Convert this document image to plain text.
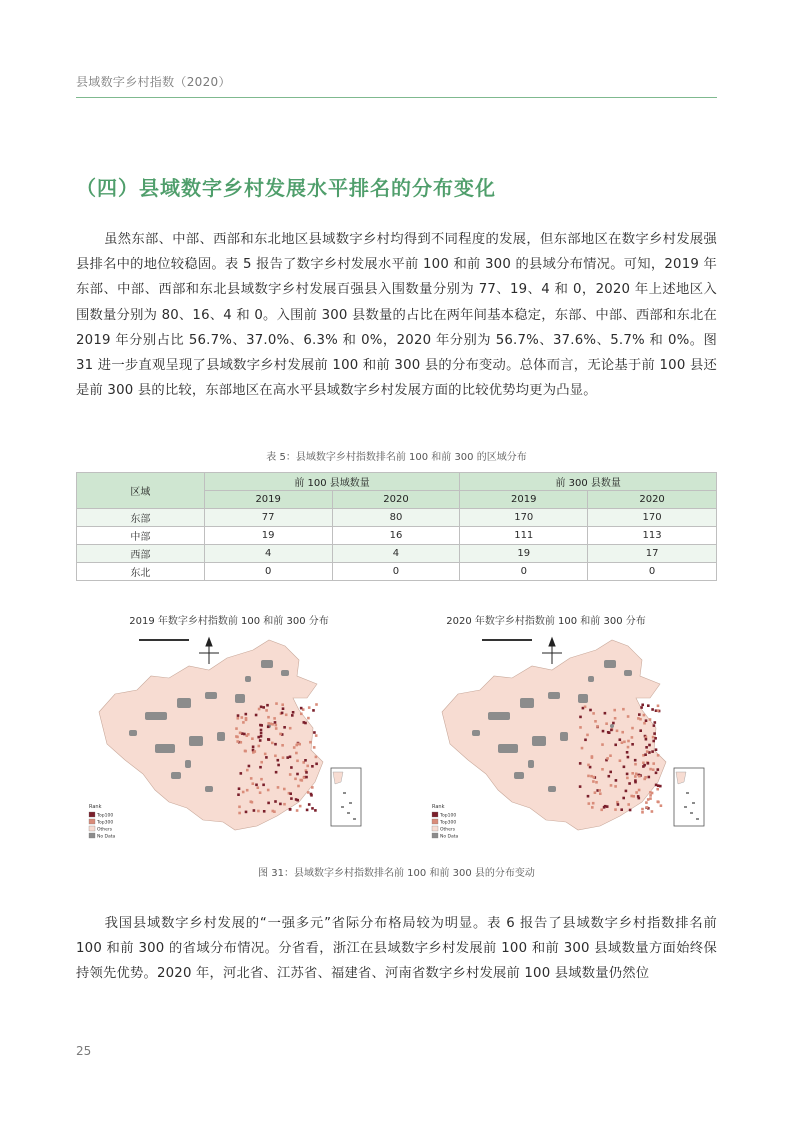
县域数字乡村指数（2020）
（四）县域数字乡村发展水平排名的分布变化
虽然东部、中部、西部和东北地区县域数字乡村均得到不同程度的发展，但东部地区在数字乡村发展强县排名中的地位较稳固。表 5 报告了数字乡村发展水平前 100 和前 300 的县域分布情况。可知，2019 年东部、中部、西部和东北县域数字乡村发展百强县入围数量分别为 77、19、4 和 0，2020 年上述地区入围数量分别为 80、16、4 和 0。入围前 300 县数量的占比在两年间基本稳定，东部、中部、西部和东北在 2019 年分别占比 56.7%、37.0%、6.3% 和 0%，2020 年分别为 56.7%、37.6%、5.7% 和 0%。图 31 进一步直观呈现了县域数字乡村发展前 100 和前 300 县的分布变动。总体而言，无论基于前 100 县还是前 300 县的比较，东部地区在高水平县域数字乡村发展方面的比较优势均更为凸显。
表 5：县域数字乡村指数排名前 100 和前 300 的区域分布
区域	前 100 县域数量		前 300 县数量	
	2019	2020	2019	2020
东部	77	80	170	170
中部	19	16	111	113
西部	4	4	19	17
东北	0	0	0	0
2019 年数字乡村指数前 100 和前 300 分布	2020 年数字乡村指数前 100 和前 300 分布
Rank
Top100
Top300
Others
No Data
Rank
Top100
Top300
Others
No Data
图 31：县域数字乡村指数排名前 100 和前 300 县的分布变动
我国县域数字乡村发展的“一强多元”省际分布格局较为明显。表 6 报告了县域数字乡村指数排名前 100 和前 300 的省域分布情况。分省看，浙江在县域数字乡村发展前 100 和前 300 县域数量方面始终保持领先优势。2020 年，河北省、江苏省、福建省、河南省数字乡村发展前 100 县域数量仍然位
25
